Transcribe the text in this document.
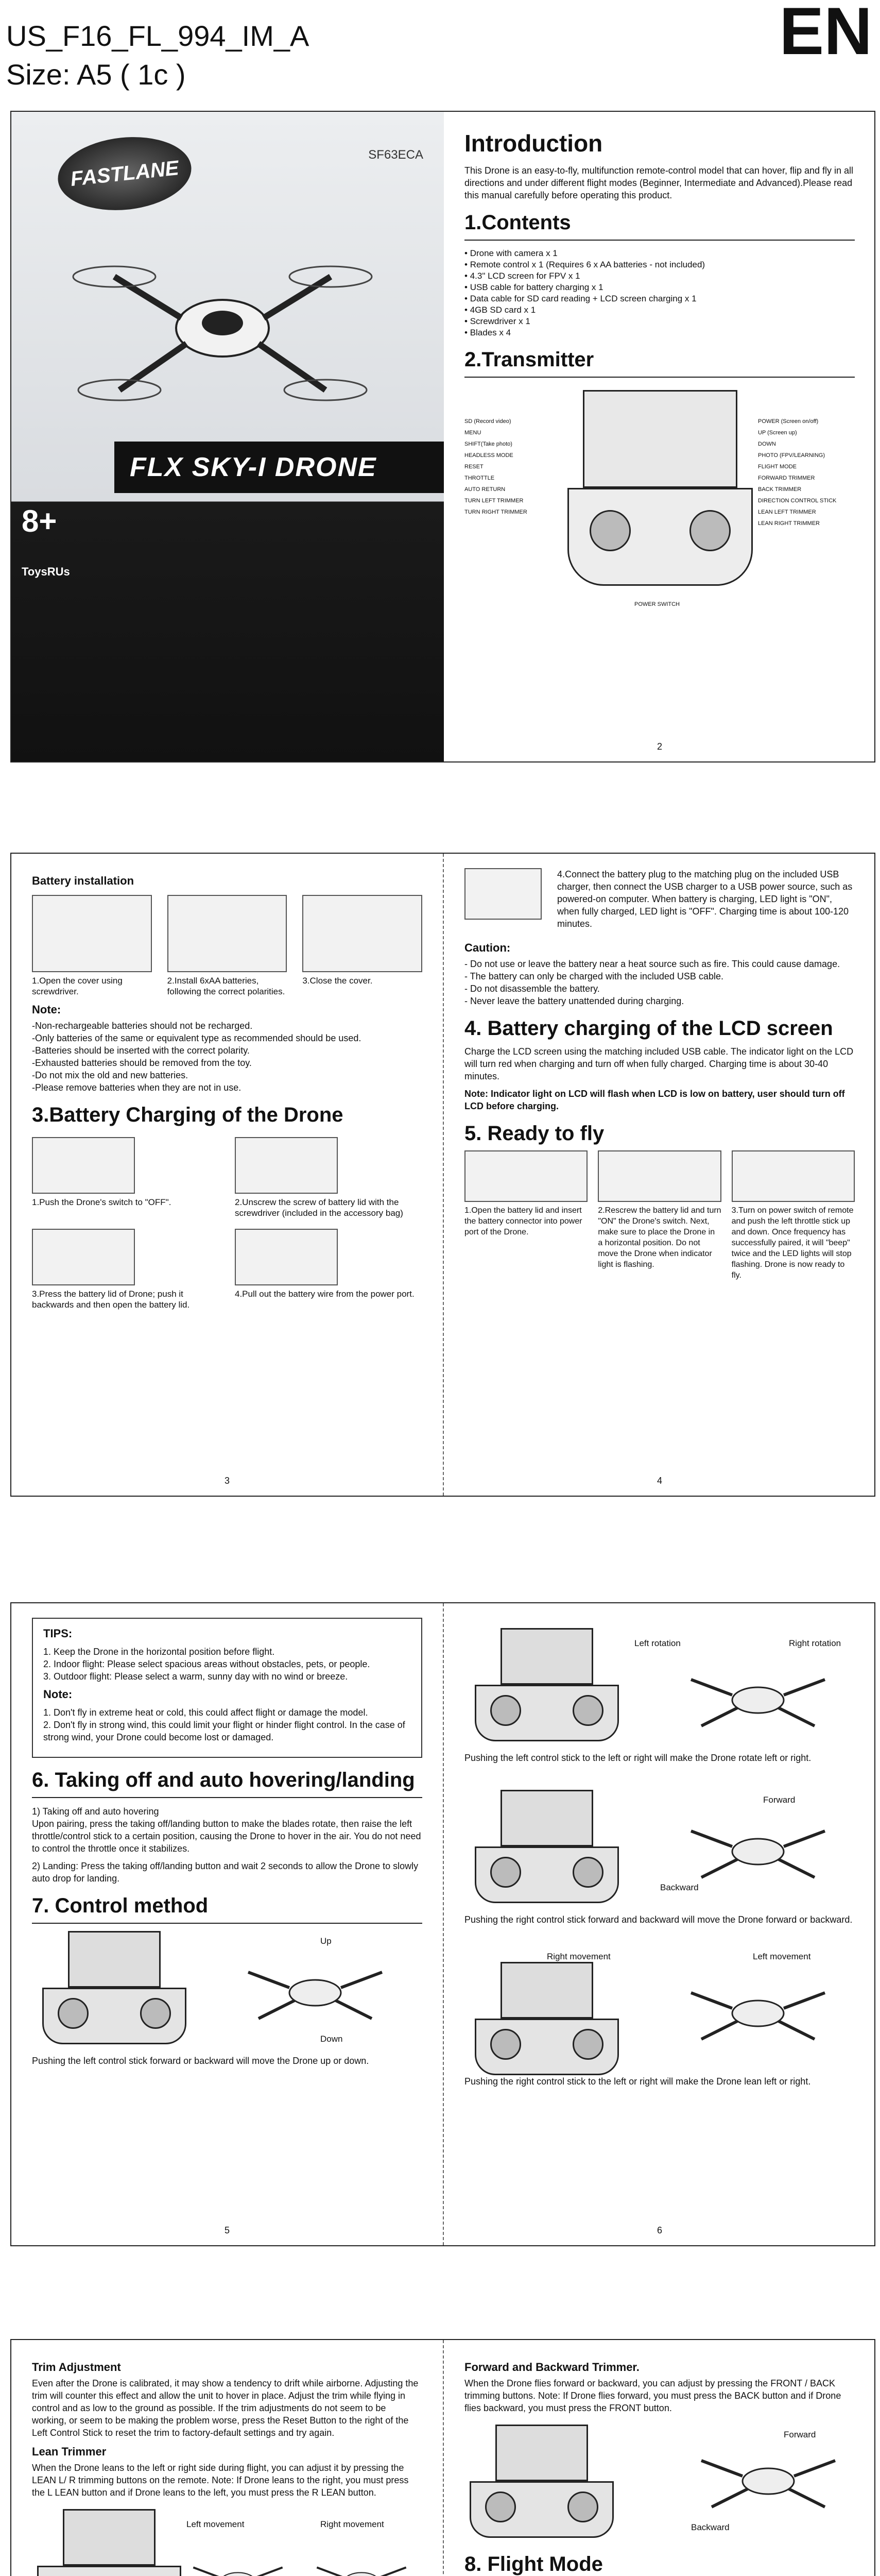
US_F16_FL_994_IM_A
Size: A5 ( 1c )
EN
FASTLANE
SF63ECA
FLX SKY-I DRONE
8+
ToysRUs
Introduction
This Drone is an easy-to-fly, multifunction remote-control model that can hover, flip and fly in all directions and under different flight modes (Beginner, Intermediate and Advanced).Please read this manual carefully before operating this product.
1.Contents
• Drone with camera x 1
• Remote control x 1 (Requires 6 x AA batteries - not included)
• 4.3" LCD screen for FPV x 1
• USB cable for battery charging x 1
• Data cable for SD card reading + LCD screen charging x 1
• 4GB SD card x 1
• Screwdriver x 1
• Blades x 4
2.Transmitter
SD (Record video)
MENU
SHIFT(Take photo)
HEADLESS MODE
RESET
THROTTLE
AUTO RETURN
TURN LEFT TRIMMER
TURN RIGHT TRIMMER
POWER (Screen on/off)
UP (Screen up)
DOWN
PHOTO (FPV/LEARNING)
FLIGHT MODE
FORWARD TRIMMER
BACK TRIMMER
DIRECTION CONTROL STICK
LEAN LEFT TRIMMER
LEAN RIGHT TRIMMER
POWER SWITCH
2
Battery installation
1.Open the cover using screwdriver.
2.Install 6xAA batteries, following the correct polarities.
3.Close the cover.
Note:
-Non-rechargeable batteries should not be recharged.
-Only batteries of the same or equivalent type as recommended should be used.
-Batteries should be inserted with the correct polarity.
-Exhausted batteries should be removed from the toy.
-Do not mix the old and new batteries.
-Please remove batteries when they are not in use.
3.Battery Charging of the Drone
1.Push the Drone's switch to "OFF".	2.Unscrew the screw of battery lid with the screwdriver (included in the accessory bag)
3.Press the battery lid of Drone; push it backwards and then open the battery lid.
4.Pull out the battery wire from the power port.
3
4.Connect the battery plug to the matching plug on the included USB charger, then connect the USB charger to a USB power source, such as powered-on computer. When battery is charging, LED light is "ON", when fully charged, LED light is "OFF". Charging time is about 100-120 minutes.
Caution:
- Do not use or leave the battery near a heat source such as fire. This could cause damage.
- The battery can only be charged with the included USB cable.
- Do not disassemble the battery.
- Never leave the battery unattended during charging.
4. Battery charging of the LCD screen
Charge the LCD screen using the matching included USB cable. The indicator light on the LCD will turn red when charging and turn off when fully charged. Charging time is about 30-40 minutes.
Note: Indicator light on LCD will flash when LCD is low on battery, user should turn off LCD before charging.
5. Ready to fly
1.Open the battery lid and insert the battery connector into power port of the Drone.
2.Rescrew the battery lid and turn "ON" the Drone's switch. Next, make sure to place the Drone in a horizontal position. Do not move the Drone when indicator light is flashing.
3.Turn on power switch of remote and push the left throttle stick up and down. Once frequency has successfully paired, it will "beep" twice and the LED lights will stop flashing. Drone is now ready to fly.
4
TIPS:
1. Keep the Drone in the horizontal position before flight.
2. Indoor flight: Please select spacious areas without obstacles, pets, or people.
3. Outdoor flight: Please select a warm, sunny day with no wind or breeze.
Note:
1. Don't fly in extreme heat or cold, this could affect flight or damage the model.
2. Don't fly in strong wind, this could limit your flight or hinder flight control. In the case of strong wind, your Drone could become lost or damaged.
6. Taking off and auto hovering/landing
1) Taking off and auto hovering
Upon pairing, press the taking off/landing button to make the blades rotate, then raise the left throttle/control stick to a certain position, causing the Drone to hover in the air. You do not need to control the throttle once it stabilizes.
2) Landing: Press the taking off/landing button and wait 2 seconds to allow the Drone to slowly auto drop for landing.
7. Control method
Up
Down
Pushing the left control stick forward or backward will move the Drone up or down.
5
Left rotation	Right rotation
Pushing the left control stick to the left or right will make the Drone rotate left or right.
Forward
Backward
Pushing the right control stick forward and backward will move the Drone forward or backward.
Right movement	Left movement
Pushing the right control stick to the left or right will make the Drone lean left or right.
6
Trim Adjustment
Even after the Drone is calibrated, it may show a tendency to drift while airborne. Adjusting the trim will counter this effect and allow the unit to hover in place. Adjust the trim while flying in control and as low to the ground as possible. If the trim adjustments do not seem to be working, or seem to be making the problem worse, press the Reset Button to the right of the Left Control Stick to reset the trim to factory-default settings and try again.
Lean Trimmer
When the Drone leans to the left or right side during flight, you can adjust it by pressing the LEAN L/ R trimming buttons on the remote. Note: If Drone leans to the right, you must press the L LEAN button and if Drone leans to the left, you must press the R LEAN button.
Left movement	Right movement
Forward and Backward Trimmer.
When the Drone flies forward or backward, you can adjust by pressing the FRONT / BACK trimming buttons. Note: If Drone flies forward, you must press the BACK button and if Drone flies backward, you must press the FRONT button.
Forward
Backward
8. Flight Mode
